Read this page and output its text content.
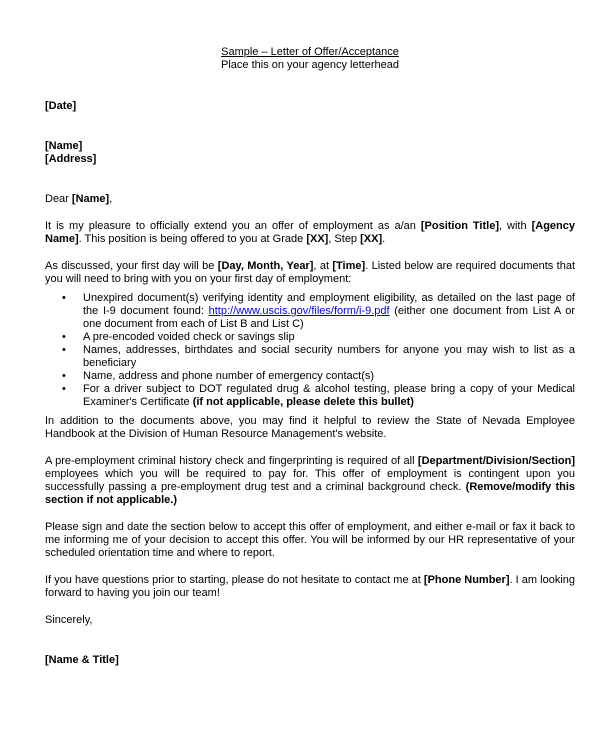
Sample – Letter of Offer/Acceptance

Place this on your agency letterhead

[Date]

[Name]

[Address]

Dear [Name],

It is my pleasure to officially extend you an offer of employment as a/an [Position Title], with [Agency Name]. This position is being offered to you at Grade [XX], Step [XX].

As discussed, your first day will be [Day, Month, Year], at [Time]. Listed below are required documents that you will need to bring with you on your first day of employment:

• Unexpired document(s) verifying identity and employment eligibility, as detailed on the last page of the I-9 document found: http://www.uscis.gov/files/form/i-9.pdf (either one document from List A or one document from each of List B and List C)
• A pre-encoded voided check or savings slip
• Names, addresses, birthdates and social security numbers for anyone you may wish to list as a beneficiary
• Name, address and phone number of emergency contact(s)
• For a driver subject to DOT regulated drug & alcohol testing, please bring a copy of your Medical Examiner's Certificate (if not applicable, please delete this bullet)

In addition to the documents above, you may find it helpful to review the State of Nevada Employee Handbook at the Division of Human Resource Management's website.

A pre-employment criminal history check and fingerprinting is required of all [Department/Division/Section] employees which you will be required to pay for. This offer of employment is contingent upon you successfully passing a pre-employment drug test and a criminal background check. (Remove/modify this section if not applicable.)

Please sign and date the section below to accept this offer of employment, and either e-mail or fax it back to me informing me of your decision to accept this offer. You will be informed by our HR representative of your scheduled orientation time and where to report.

If you have questions prior to starting, please do not hesitate to contact me at [Phone Number]. I am looking forward to having you join our team!

Sincerely,

[Name & Title]
